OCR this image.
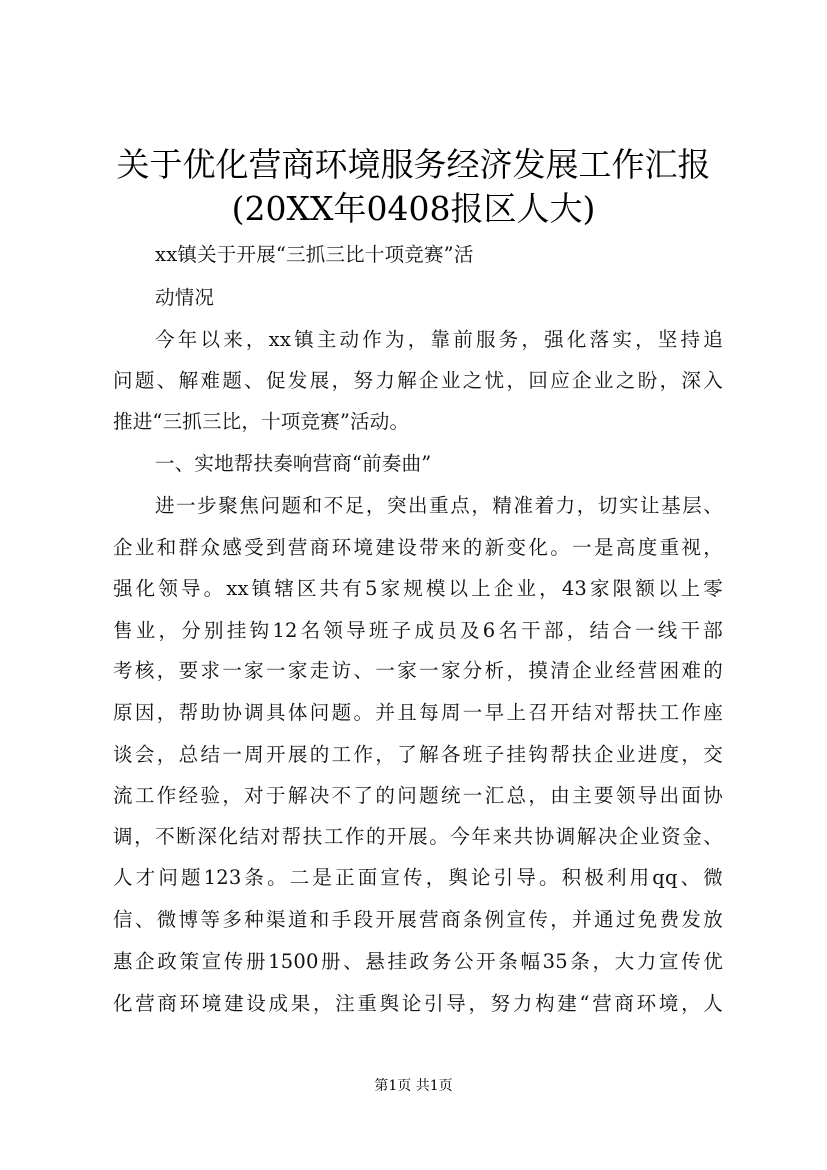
关于优化营商环境服务经济发展工作汇报
(20XX年0408报区人大)
xx镇关于开展“三抓三比十项竞赛”活
动情况
今年以来，xx镇主动作为，靠前服务，强化落实，坚持追
问题、解难题、促发展，努力解企业之忧，回应企业之盼，深入
推进“三抓三比，十项竞赛”活动。
一、实地帮扶奏响营商“前奏曲”
进一步聚焦问题和不足，突出重点，精准着力，切实让基层、
企业和群众感受到营商环境建设带来的新变化。一是高度重视，
强化领导。xx镇辖区共有5家规模以上企业，43家限额以上零
售业，分别挂钩12名领导班子成员及6名干部，结合一线干部
考核，要求一家一家走访、一家一家分析，摸清企业经营困难的
原因，帮助协调具体问题。并且每周一早上召开结对帮扶工作座
谈会，总结一周开展的工作，了解各班子挂钩帮扶企业进度，交
流工作经验，对于解决不了的问题统一汇总，由主要领导出面协
调，不断深化结对帮扶工作的开展。今年来共协调解决企业资金、
人才问题123条。二是正面宣传，舆论引导。积极利用qq、微
信、微博等多种渠道和手段开展营商条例宣传，并通过免费发放
惠企政策宣传册1500册、悬挂政务公开条幅35条，大力宣传优
化营商环境建设成果，注重舆论引导，努力构建“营商环境，人
第1页 共1页
